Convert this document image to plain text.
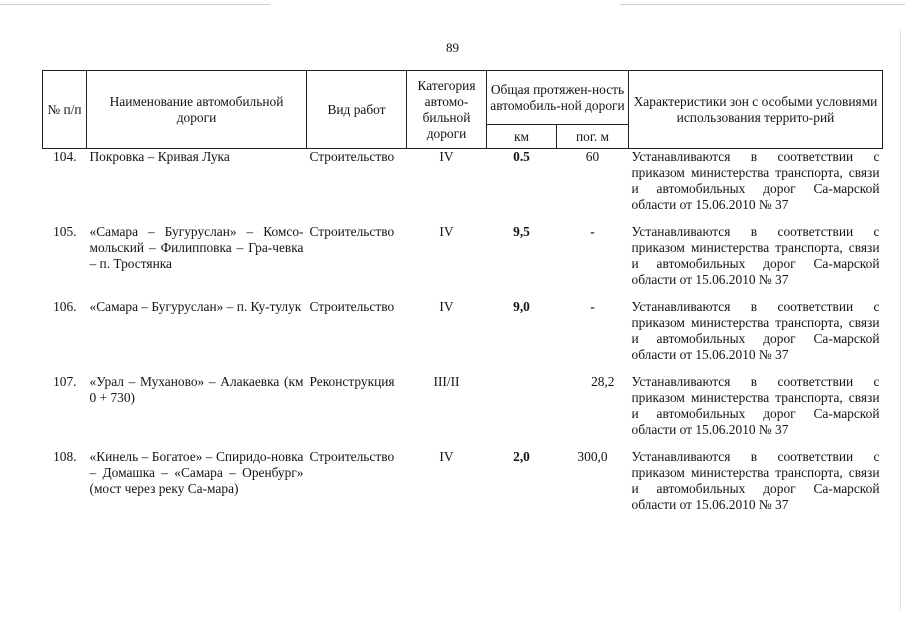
89
№ п/п	Наименование автомобильной дороги	Вид работ	Категория автомо-бильной дороги	Общая протяжен-ность автомобиль-ной дороги		Характеристики зон с особыми условиями использования террито-рий
				км	пог. м	
104.	Покровка – Кривая Лука	Строительство	IV	0.5	60	Устанавливаются в соответствии с приказом министерства транспорта, связи и автомобильных дорог Са-марской области от 15.06.2010 № 37
105.	«Самара – Бугуруслан» – Комсо-мольский – Филипповка – Гра-чевка – п. Тростянка	Строительство	IV	9,5	-	Устанавливаются в соответствии с приказом министерства транспорта, связи и автомобильных дорог Са-марской области от 15.06.2010 № 37
106.	«Самара – Бугуруслан» – п. Ку-тулук	Строительство	IV	9,0	-	Устанавливаются в соответствии с приказом министерства транспорта, связи и автомобильных дорог Са-марской области от 15.06.2010 № 37
107.	«Урал – Муханово» – Алакаевка (км 0 + 730)	Реконструкция	III/II		28,2	Устанавливаются в соответствии с приказом министерства транспорта, связи и автомобильных дорог Са-марской области от 15.06.2010 № 37
108.	«Кинель – Богатое» – Спиридо-новка – Домашка – «Самара – Оренбург» (мост через реку Са-мара)	Строительство	IV	2,0	300,0	Устанавливаются в соответствии с приказом министерства транспорта, связи и автомобильных дорог Са-марской области от 15.06.2010 № 37
